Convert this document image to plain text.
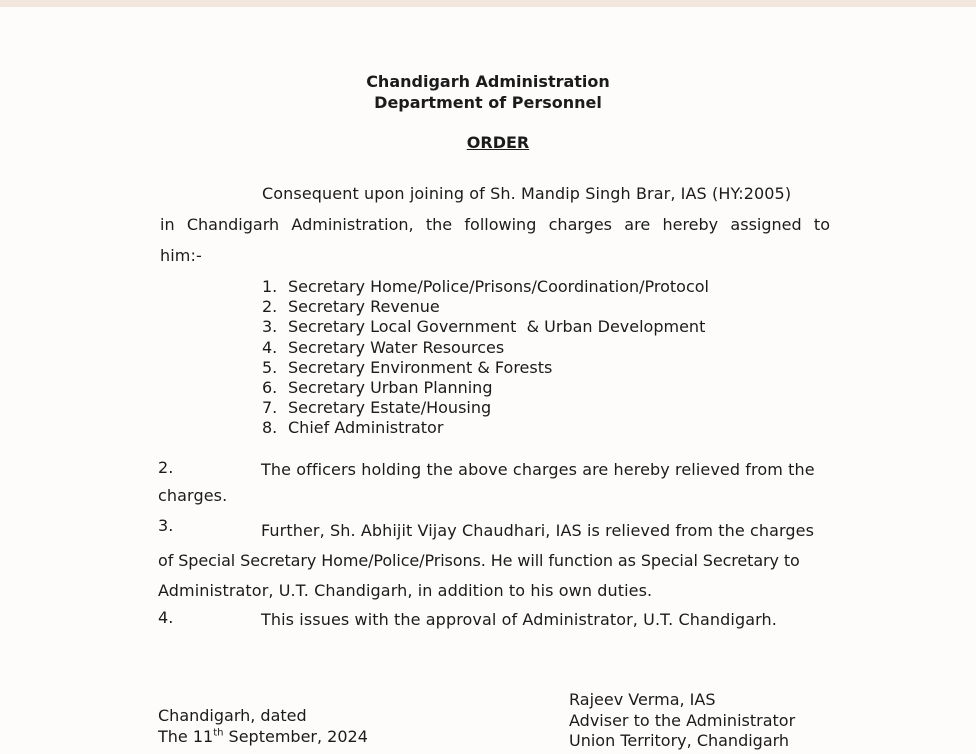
Chandigarh Administration
Department of Personnel
ORDER
Consequent upon joining of Sh. Mandip Singh Brar, IAS (HY:2005)
in Chandigarh Administration, the following charges are hereby assigned to
him:-
1. Secretary Home/Police/Prisons/Coordination/Protocol
2. Secretary Revenue
3. Secretary Local Government  & Urban Development
4. Secretary Water Resources
5. Secretary Environment & Forests
6. Secretary Urban Planning
7. Secretary Estate/Housing
8. Chief Administrator
2.	The officers holding the above charges are hereby relieved from the
charges.
3.	Further, Sh. Abhijit Vijay Chaudhari, IAS is relieved from the charges
of Special Secretary Home/Police/Prisons. He will function as Special Secretary to
Administrator, U.T. Chandigarh, in addition to his own duties.
4.	This issues with the approval of Administrator, U.T. Chandigarh.
Chandigarh, dated
The 11th September, 2024
Rajeev Verma, IAS
Adviser to the Administrator
Union Territory, Chandigarh
